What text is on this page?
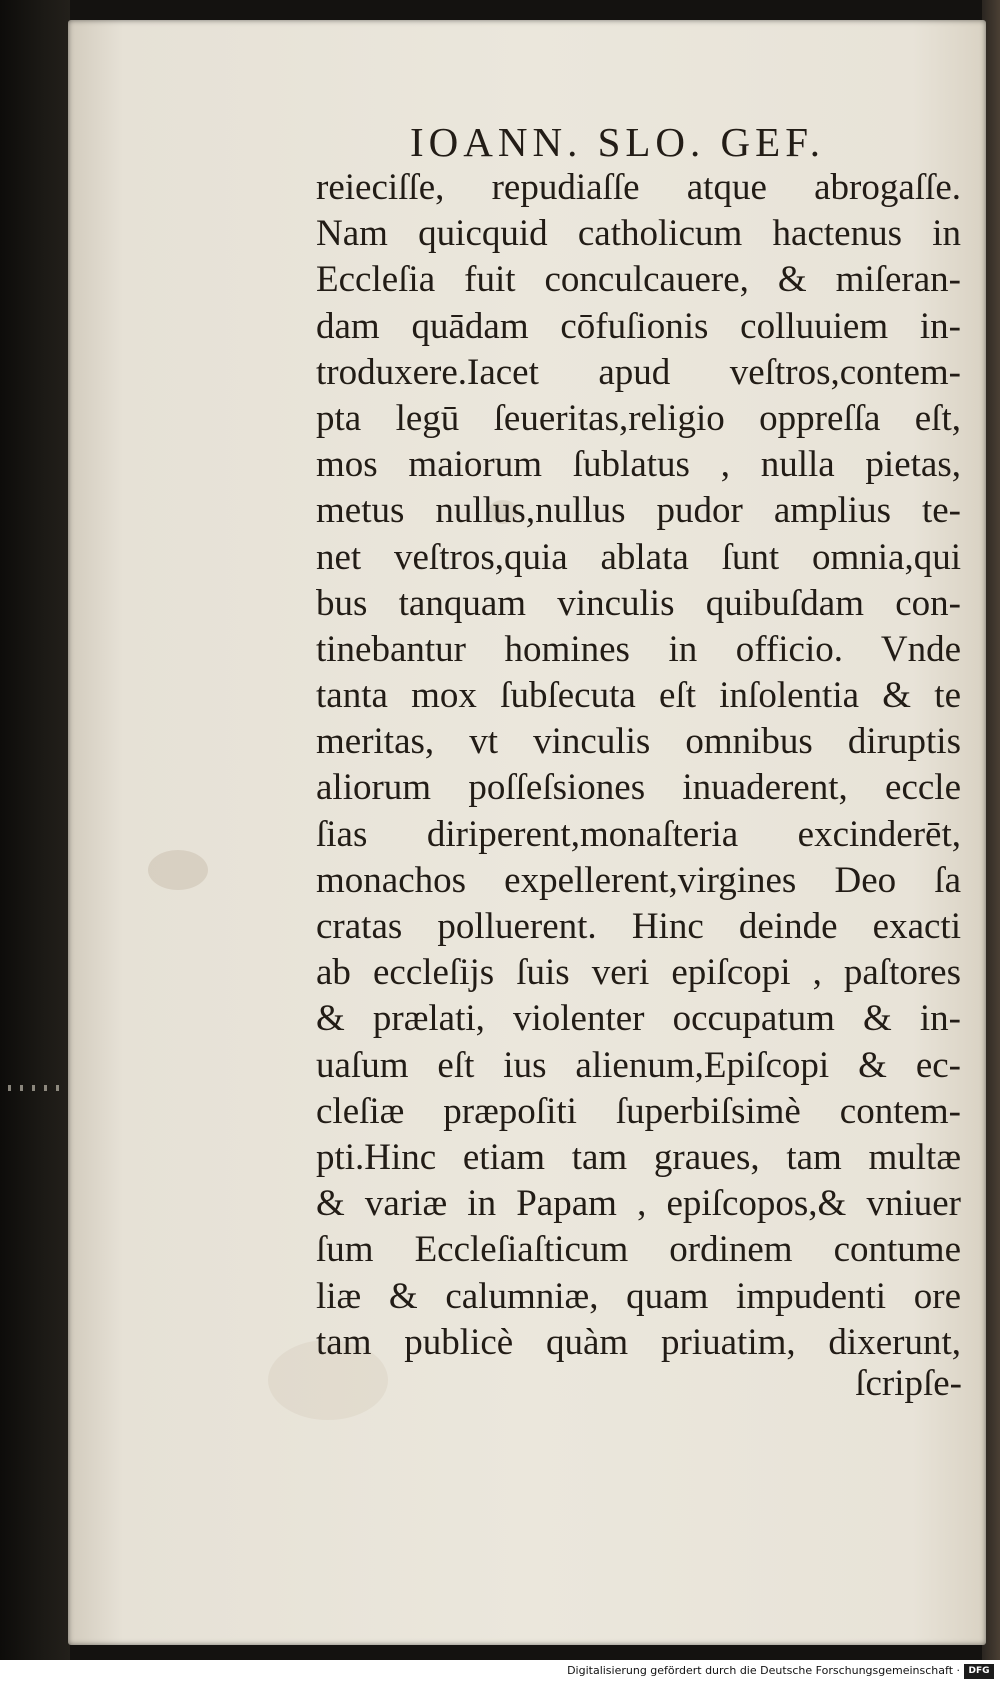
IOANN. SLO. GEF.
reieciſſe, repudiaſſe atque abrogaſſe.
Nam quicquid catholicum hactenus in
Eccleſia fuit conculcauere, & miſeran-
dam quādam cōfuſionis colluuiem in-
troduxere.Iacet apud veſtros,contem-
pta legū ſeueritas,religio oppreſſa eſt,
mos maiorum ſublatus , nulla pietas,
metus nullus,nullus pudor amplius te-
net veſtros,quia ablata ſunt omnia,qui
bus tanquam vinculis quibuſdam con-
tinebantur homines in officio. Vnde
tanta mox ſubſecuta eſt inſolentia & te
meritas, vt vinculis omnibus diruptis
aliorum poſſeſsiones inuaderent, eccle
ſias diriperent,monaſteria excinderēt,
monachos expellerent,virgines Deo ſa
cratas polluerent. Hinc deinde exacti
ab eccleſijs ſuis veri epiſcopi , paſtores
& prælati, violenter occupatum & in-
uaſum eſt ius alienum,Epiſcopi & ec-
cleſiæ præpoſiti ſuperbiſsimè contem-
pti.Hinc etiam tam graues, tam multæ
& variæ in Papam , epiſcopos,& vniuer
ſum Eccleſiaſticum ordinem contume
liæ & calumniæ, quam impudenti ore
tam publicè quàm priuatim, dixerunt,
ſcripſe-
Digitalisierung gefördert durch die Deutsche Forschungsgemeinschaft · DFG
